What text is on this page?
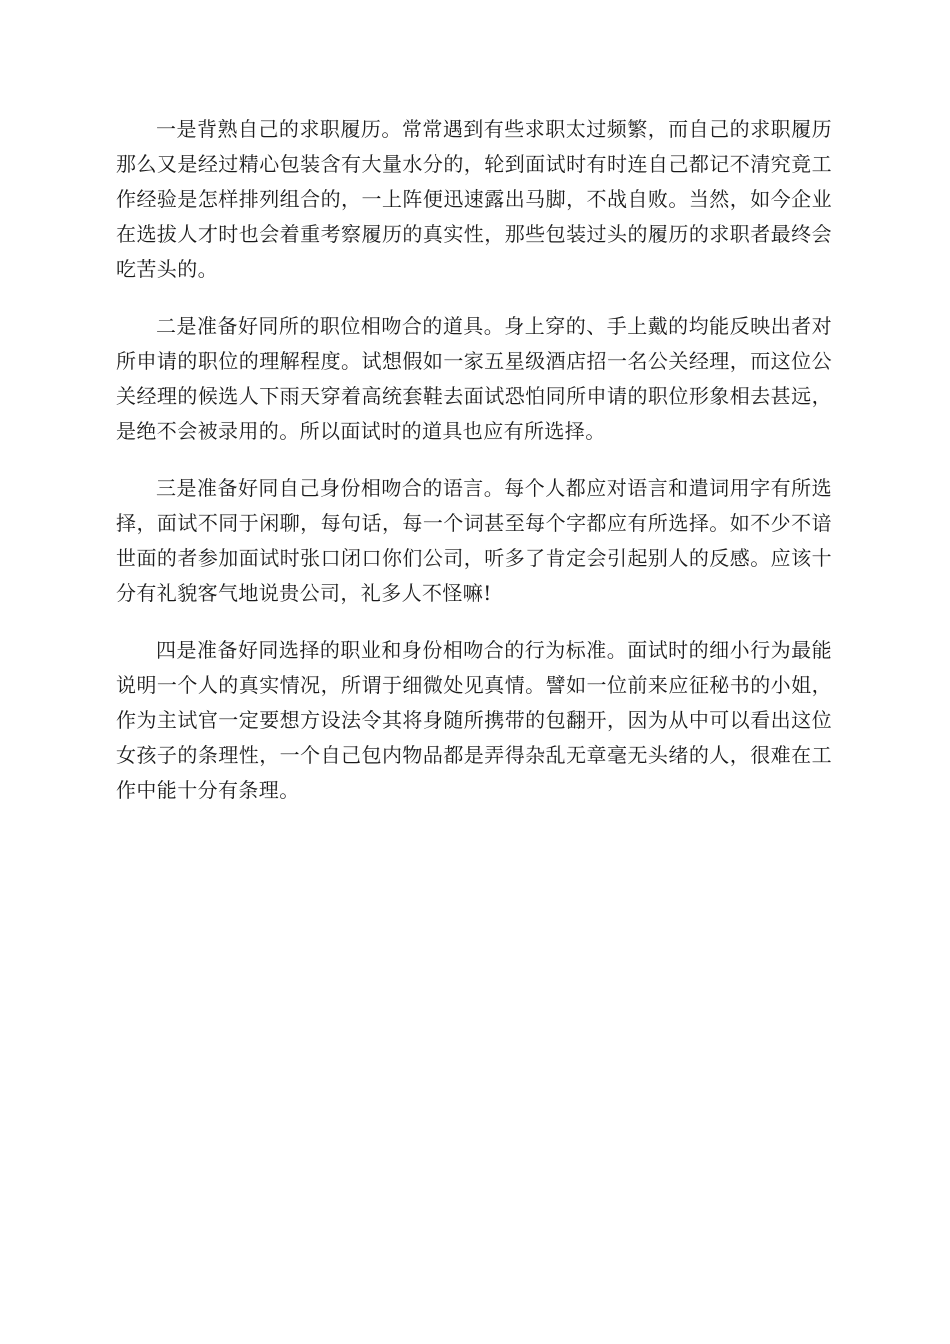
一是背熟自己的求职履历。常常遇到有些求职太过频繁，而自己的求职履历那么又是经过精心包装含有大量水分的，轮到面试时有时连自己都记不清究竟工作经验是怎样排列组合的，一上阵便迅速露出马脚，不战自败。当然，如今企业在选拔人才时也会着重考察履历的真实性，那些包装过头的履历的求职者最终会吃苦头的。

二是准备好同所的职位相吻合的道具。身上穿的、手上戴的均能反映出者对所申请的职位的理解程度。试想假如一家五星级酒店招一名公关经理，而这位公关经理的候选人下雨天穿着高统套鞋去面试恐怕同所申请的职位形象相去甚远，是绝不会被录用的。所以面试时的道具也应有所选择。

三是准备好同自己身份相吻合的语言。每个人都应对语言和遣词用字有所选择，面试不同于闲聊，每句话，每一个词甚至每个字都应有所选择。如不少不谙世面的者参加面试时张口闭口你们公司，听多了肯定会引起别人的反感。应该十分有礼貌客气地说贵公司，礼多人不怪嘛!

四是准备好同选择的职业和身份相吻合的行为标准。面试时的细小行为最能说明一个人的真实情况，所谓于细微处见真情。譬如一位前来应征秘书的小姐，作为主试官一定要想方设法令其将身随所携带的包翻开，因为从中可以看出这位女孩子的条理性，一个自己包内物品都是弄得杂乱无章毫无头绪的人，很难在工作中能十分有条理。
